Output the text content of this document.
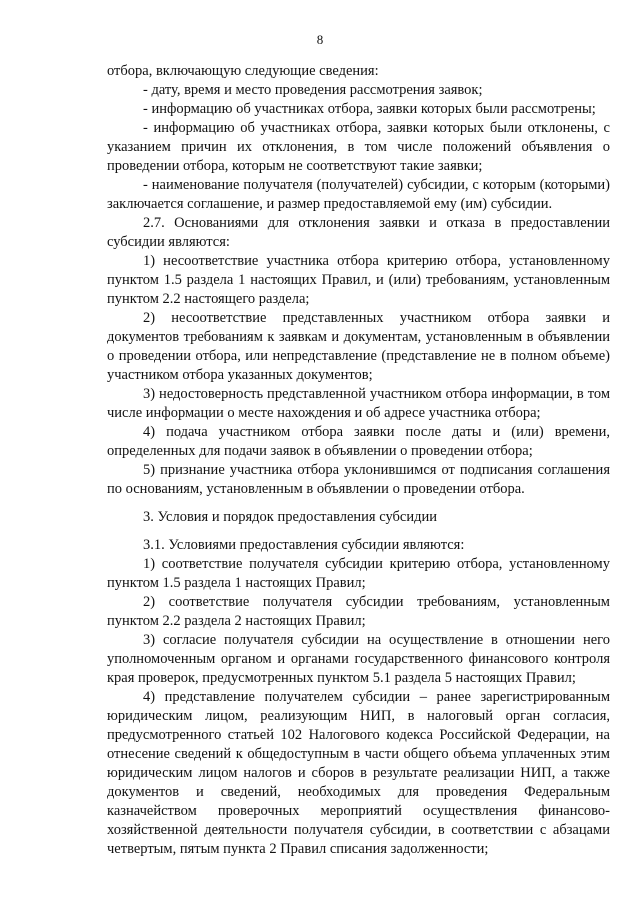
8

отбора, включающую следующие сведения:

- дату, время и место проведения рассмотрения заявок;

- информацию об участниках отбора, заявки которых были рассмотрены;

- информацию об участниках отбора, заявки которых были отклонены, с указанием причин их отклонения, в том числе положений объявления о проведении отбора, которым не соответствуют такие заявки;

- наименование получателя (получателей) субсидии, с которым (которыми) заключается соглашение, и размер предоставляемой ему (им) субсидии.

2.7. Основаниями для отклонения заявки и отказа в предоставлении субсидии являются:

1) несоответствие участника отбора критерию отбора, установленному пунктом 1.5 раздела 1 настоящих Правил, и (или) требованиям, установленным пунктом 2.2 настоящего раздела;

2) несоответствие представленных участником отбора заявки и документов требованиям к заявкам и документам, установленным в объявлении о проведении отбора, или непредставление (представление не в полном объеме) участником отбора указанных документов;

3) недостоверность представленной участником отбора информации, в том числе информации о месте нахождения и об адресе участника отбора;

4) подача участником отбора заявки после даты и (или) времени, определенных для подачи заявок в объявлении о проведении отбора;

5) признание участника отбора уклонившимся от подписания соглашения по основаниям, установленным в объявлении о проведении отбора.

3. Условия и порядок предоставления субсидии

3.1. Условиями предоставления субсидии являются:

1) соответствие получателя субсидии критерию отбора, установленному пунктом 1.5 раздела 1 настоящих Правил;

2) соответствие получателя субсидии требованиям, установленным пунктом 2.2 раздела 2 настоящих Правил;

3) согласие получателя субсидии на осуществление в отношении него уполномоченным органом и органами государственного финансового контроля края проверок, предусмотренных пунктом 5.1 раздела 5 настоящих Правил;

4) представление получателем субсидии – ранее зарегистрированным юридическим лицом, реализующим НИП, в налоговый орган согласия, предусмотренного статьей 102 Налогового кодекса Российской Федерации, на отнесение сведений к общедоступным в части общего объема уплаченных этим юридическим лицом налогов и сборов в результате реализации НИП, а также документов и сведений, необходимых для проведения Федеральным казначейством проверочных мероприятий осуществления финансово-хозяйственной деятельности получателя субсидии, в соответствии с абзацами четвертым, пятым пункта 2 Правил списания задолженности;
